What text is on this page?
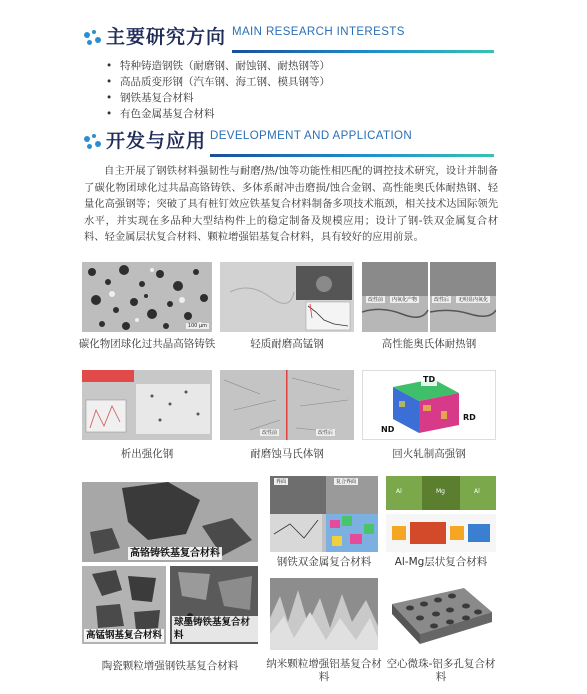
主要研究方向 MAIN RESEARCH INTERESTS
• 特种铸造钢铁（耐磨钢、耐蚀钢、耐热钢等）
• 高品质变形钢（汽车钢、海工钢、模具钢等）
• 钢铁基复合材料
• 有色金属基复合材料
开发与应用 DEVELOPMENT AND APPLICATION
自主开展了钢铁材料强韧性与耐磨/热/蚀等功能性相匹配的调控技术研究，设计并制备了碳化物团球化过共晶高铬铸铁、多体系耐冲击磨损/蚀合金钢、高性能奥氏体耐热钢、轻量化高强钢等；突破了具有桩钉效应铁基复合材料制备多项技术瓶颈，相关技术达国际领先水平，并实现在多品种大型结构件上的稳定制备及规模应用；设计了钢-铁双金属复合材料、轻金属层状复合材料、颗粒增强铝基复合材料，具有较好的应用前景。
100 μm
碳化物团球化过共晶高铬铸铁	轻质耐磨高锰钢
改性前	内氧化产物	改性后	无明显内氧化
高性能奥氏体耐热钢
析出强化钢
改性前	改性后
耐磨蚀马氏体钢
TD
RD
ND
回火轧制高强钢
高铬铸铁基复合材料
高锰钢基复合材料
球墨铸铁基复合材料
陶瓷颗粒增强钢铁基复合材料
复合界面
界面
钢铁双金属复合材料
Al	Mg	Al
Al-Mg层状复合材料
纳米颗粒增强铝基复合材料
空心微珠-铝多孔复合材料
